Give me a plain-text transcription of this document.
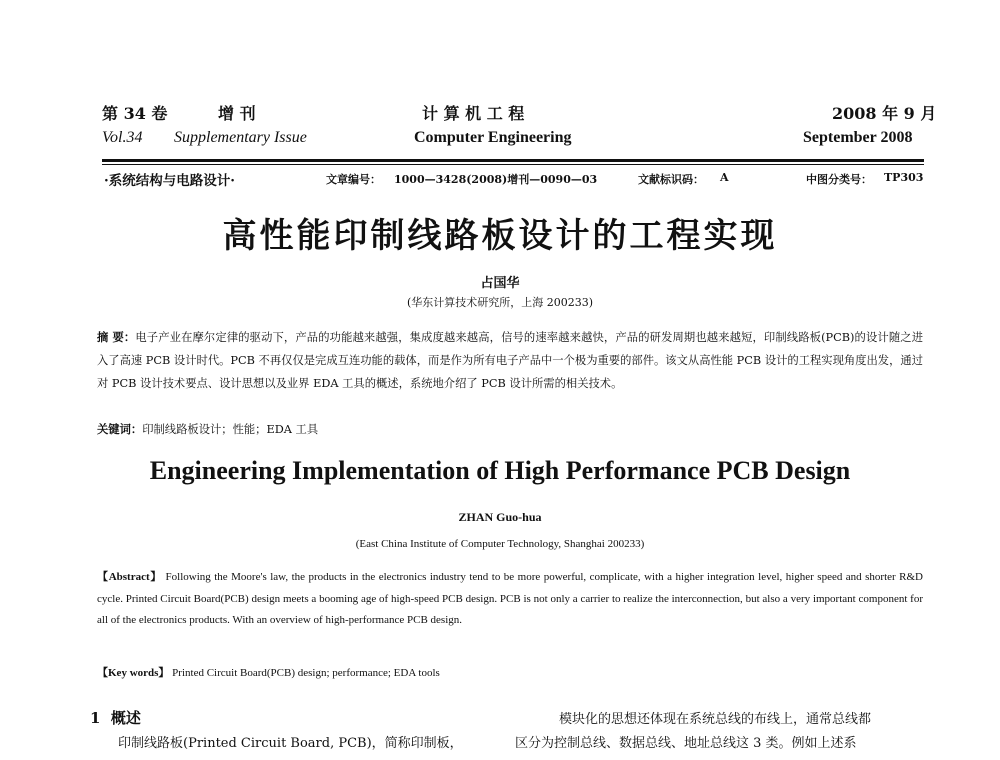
第 34 卷	增 刊	计 算 机 工 程	2008 年 9 月
Vol.34 Supplementary Issue	Computer Engineering	September 2008
·系统结构与电路设计·	文章编号： 1000—3428(2008)增刊—0090—03	文献标识码： A	中图分类号： TP303
高性能印制线路板设计的工程实现
占国华
(华东计算技术研究所，上海 200233)
摘 要：电子产业在摩尔定律的驱动下，产品的功能越来越强，集成度越来越高，信号的速率越来越快，产品的研发周期也越来越短，印制线路板(PCB)的设计随之进入了高速 PCB 设计时代。PCB 不再仅仅是完成互连功能的载体，而是作为所有电子产品中一个极为重要的部件。该文从高性能 PCB 设计的工程实现角度出发，通过对 PCB 设计技术要点、设计思想以及业界 EDA 工具的概述，系统地介绍了 PCB 设计所需的相关技术。
关键词：印制线路板设计；性能；EDA 工具
Engineering Implementation of High Performance PCB Design
ZHAN Guo-hua
(East China Institute of Computer Technology, Shanghai 200233)
【Abstract】 Following the Moore's law, the products in the electronics industry tend to be more powerful, complicate, with a higher integration level, higher speed and shorter R&D cycle. Printed Circuit Board(PCB) design meets a booming age of high-speed PCB design. PCB is not only a carrier to realize the interconnection, but also a very important component for all of the electronics products. With an overview of high-performance PCB design.
【Key words】 Printed Circuit Board(PCB) design; performance; EDA tools
1 概述
印制线路板(Printed Circuit Board, PCB)，简称印制板，

模块化的思想还体现在系统总线的布线上，通常总线都

区分为控制总线、数据总线、地址总线这 3 类。例如上述系
